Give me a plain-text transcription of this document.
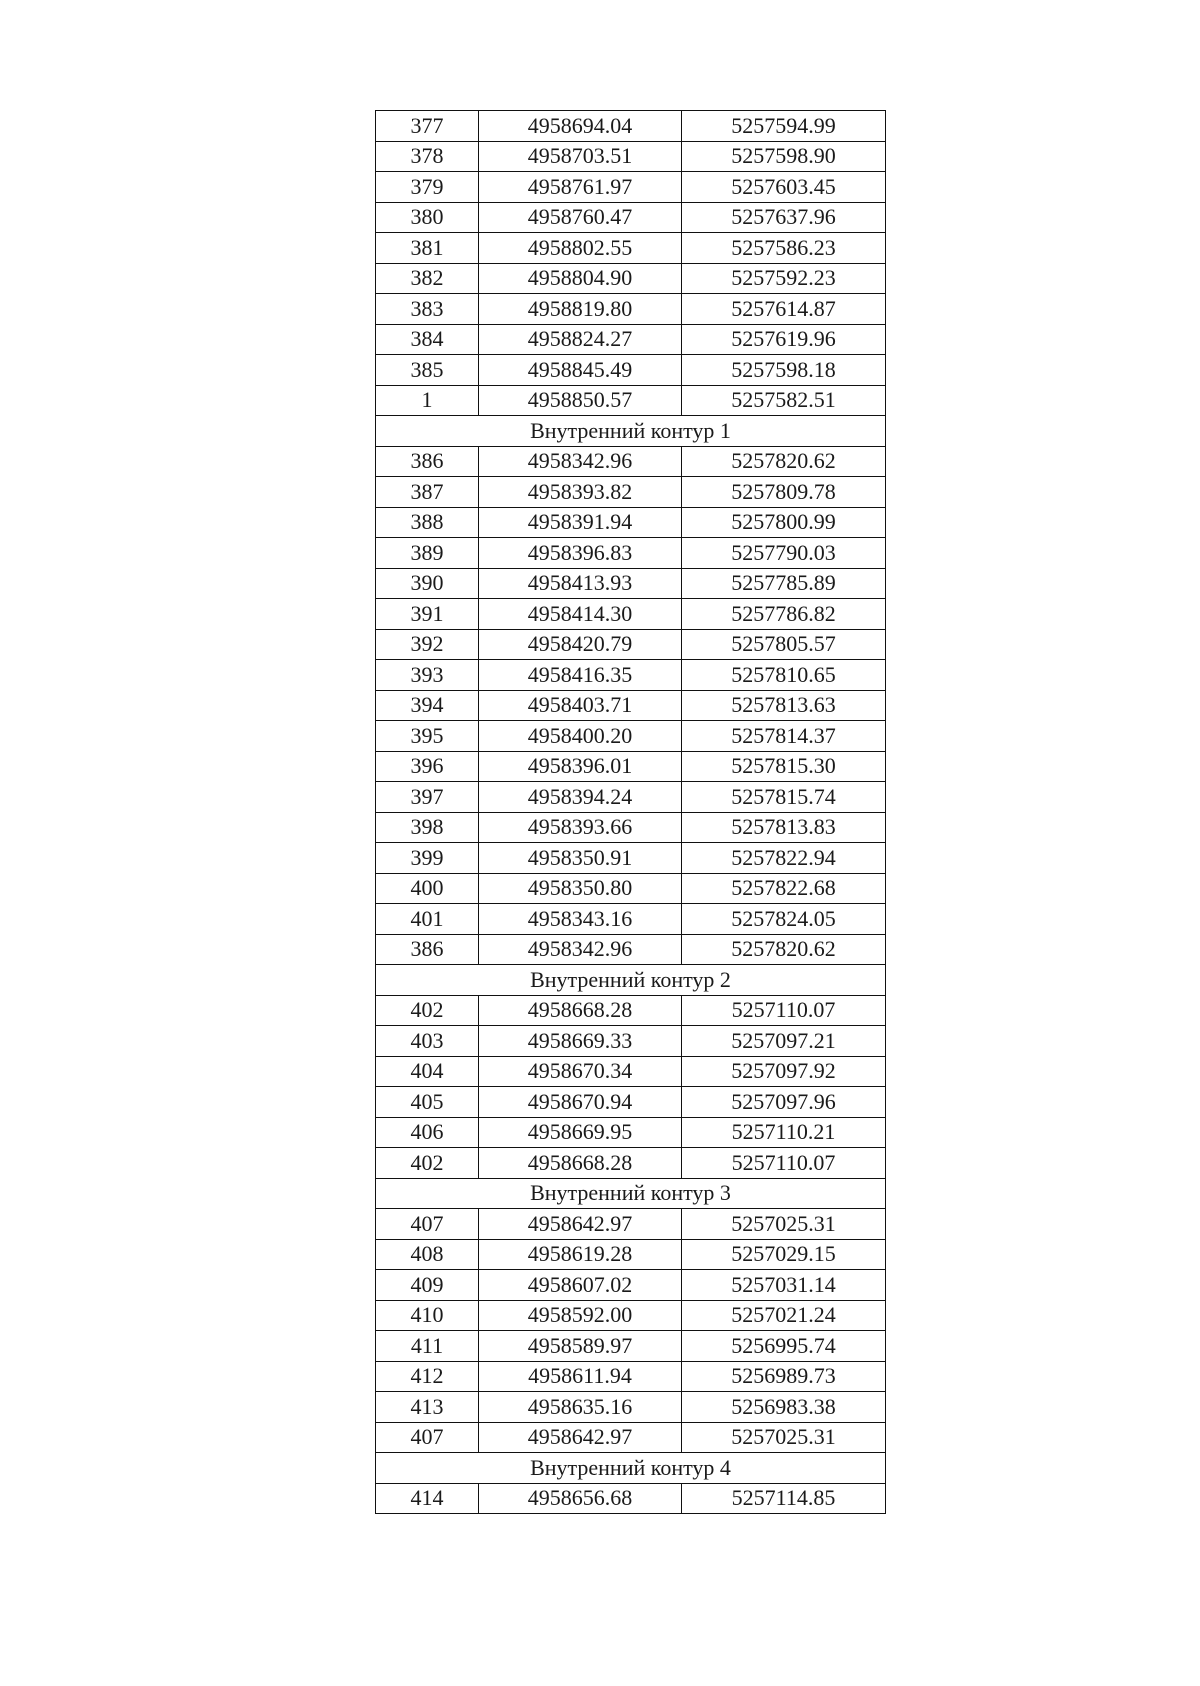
377	4958694.04	5257594.99
378	4958703.51	5257598.90
379	4958761.97	5257603.45
380	4958760.47	5257637.96
381	4958802.55	5257586.23
382	4958804.90	5257592.23
383	4958819.80	5257614.87
384	4958824.27	5257619.96
385	4958845.49	5257598.18
1	4958850.57	5257582.51
Внутренний контур 1		
386	4958342.96	5257820.62
387	4958393.82	5257809.78
388	4958391.94	5257800.99
389	4958396.83	5257790.03
390	4958413.93	5257785.89
391	4958414.30	5257786.82
392	4958420.79	5257805.57
393	4958416.35	5257810.65
394	4958403.71	5257813.63
395	4958400.20	5257814.37
396	4958396.01	5257815.30
397	4958394.24	5257815.74
398	4958393.66	5257813.83
399	4958350.91	5257822.94
400	4958350.80	5257822.68
401	4958343.16	5257824.05
386	4958342.96	5257820.62
Внутренний контур 2		
402	4958668.28	5257110.07
403	4958669.33	5257097.21
404	4958670.34	5257097.92
405	4958670.94	5257097.96
406	4958669.95	5257110.21
402	4958668.28	5257110.07
Внутренний контур 3		
407	4958642.97	5257025.31
408	4958619.28	5257029.15
409	4958607.02	5257031.14
410	4958592.00	5257021.24
411	4958589.97	5256995.74
412	4958611.94	5256989.73
413	4958635.16	5256983.38
407	4958642.97	5257025.31
Внутренний контур 4		
414	4958656.68	5257114.85
